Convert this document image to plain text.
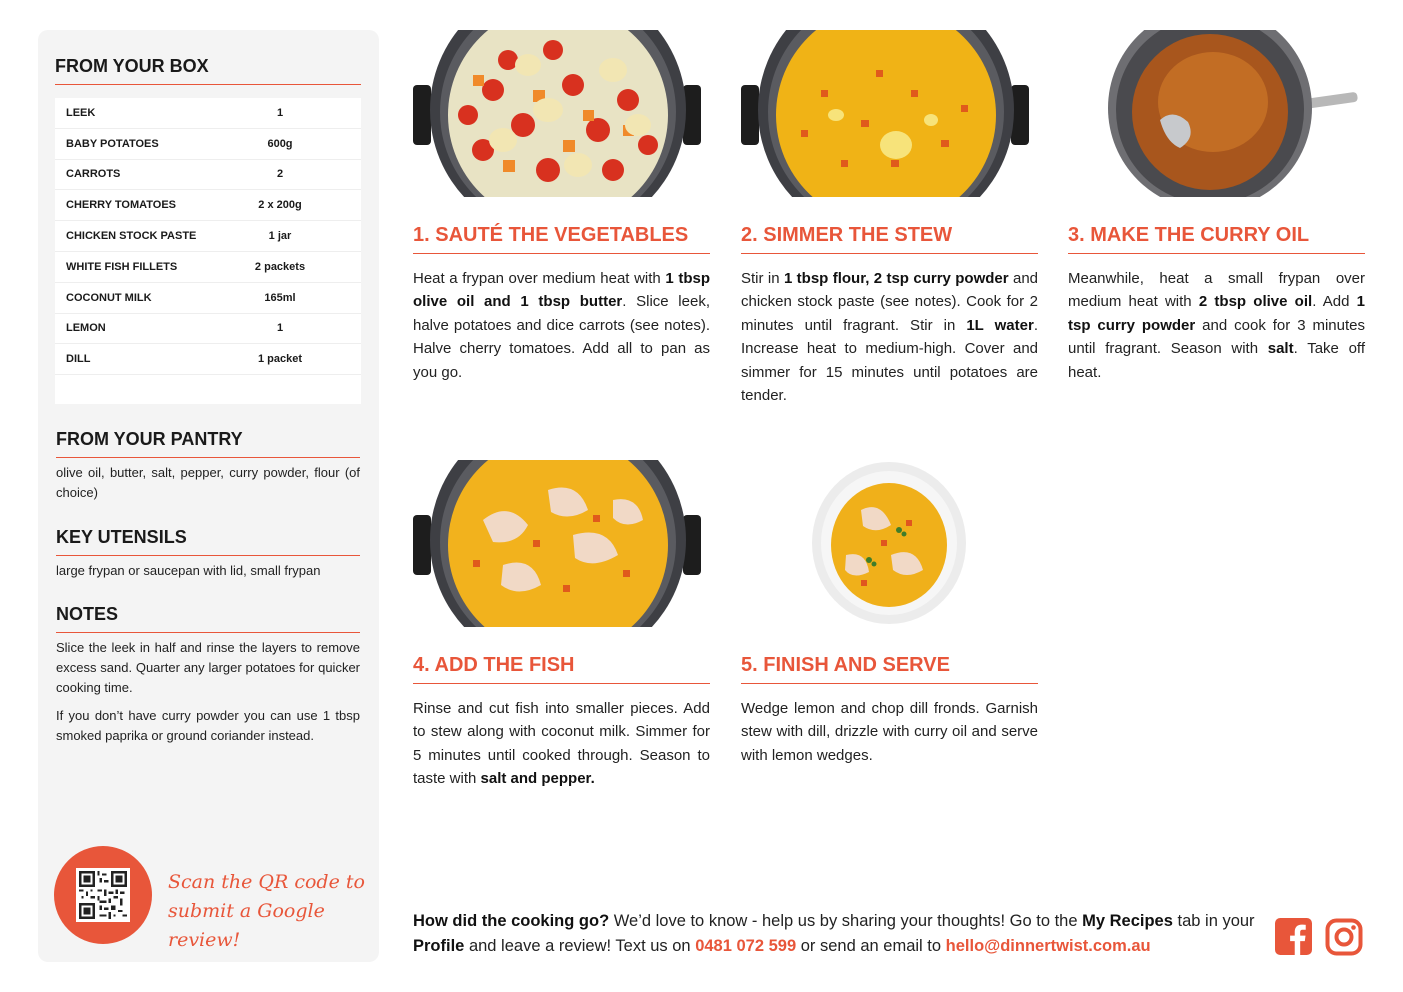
FROM YOUR BOX
LEEK	1
BABY POTATOES	600g
CARROTS	2
CHERRY TOMATOES	2 x 200g
CHICKEN STOCK PASTE	1 jar
WHITE FISH FILLETS	2 packets
COCONUT MILK	165ml
LEMON	1
DILL	1 packet
FROM YOUR PANTRY
olive oil, butter, salt, pepper, curry powder, flour (of choice)
KEY UTENSILS
large frypan or saucepan with lid, small frypan
NOTES
Slice the leek in half and rinse the layers to remove excess sand. Quarter any larger potatoes for quicker cooking time.
If you don’t have curry powder you can use 1 tbsp smoked paprika or ground coriander instead.
Scan the QR code to
submit a Google review!
1. SAUTÉ THE VEGETABLES

Heat a frypan over medium heat with 1 tbsp olive oil and 1 tbsp butter. Slice leek, halve potatoes and dice carrots (see notes). Halve cherry tomatoes. Add all to pan as you go.

2. SIMMER THE STEW

Stir in 1 tbsp flour, 2 tsp curry powder and chicken stock paste (see notes). Cook for 2 minutes until fragrant. Stir in 1L water. Increase heat to medium-high. Cover and simmer for 15 minutes until potatoes are tender.

3. MAKE THE CURRY OIL

Meanwhile, heat a small frypan over medium heat with 2 tbsp olive oil. Add 1 tsp curry powder and cook for 3 minutes until fragrant. Season with salt. Take off heat.

4. ADD THE FISH

Rinse and cut fish into smaller pieces. Add to stew along with coconut milk. Simmer for 5 minutes until cooked through. Season to taste with salt and pepper.

5. FINISH AND SERVE

Wedge lemon and chop dill fronds. Garnish stew with dill, drizzle with curry oil and serve with lemon wedges.

How did the cooking go? We’d love to know - help us by sharing your thoughts! Go to the My Recipes tab in your Profile and leave a review! Text us on 0481 072 599 or send an email to hello@dinnertwist.com.au
